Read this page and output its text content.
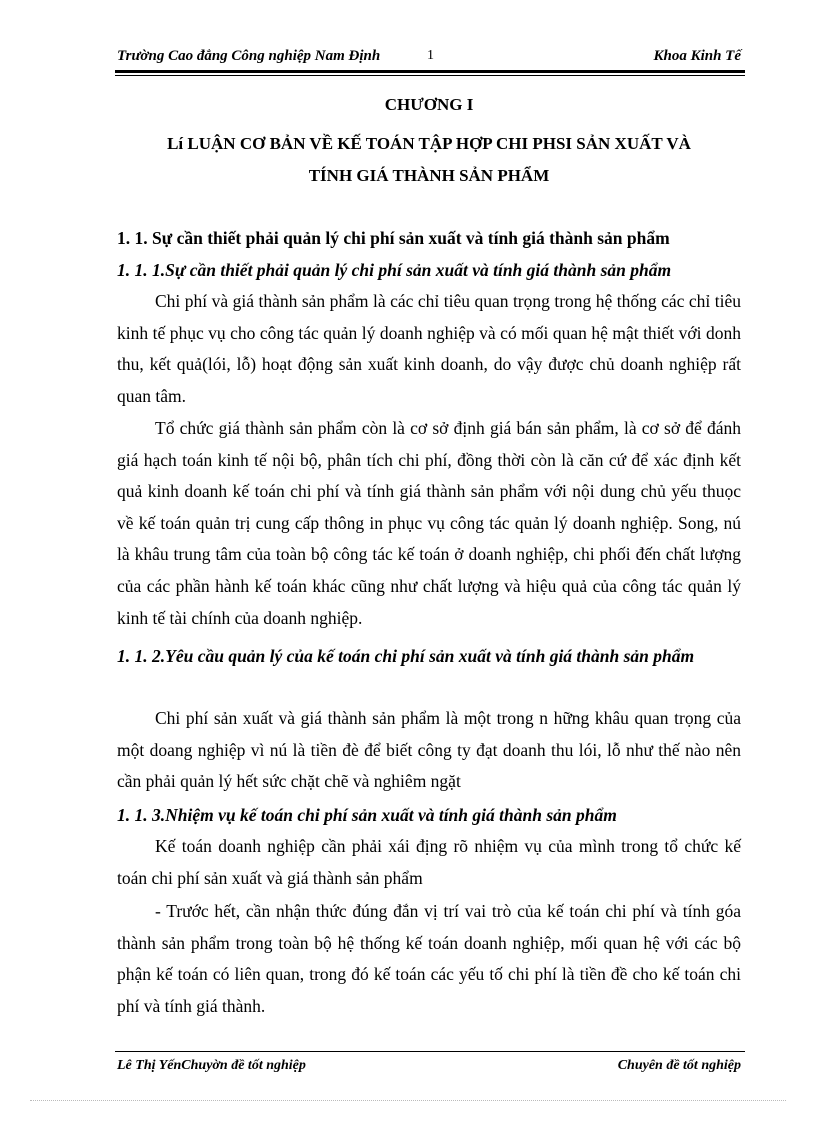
Trường Cao đẳng Công nghiệp Nam Định	1	Khoa Kinh Tế
CHƯƠNG I
Lí LUẬN CƠ BẢN VỀ KẾ TOÁN TẬP HỢP CHI PHSI SẢN XUẤT VÀ
TÍNH GIÁ THÀNH SẢN PHẨM
1. 1. Sự cần thiết phải quản lý chi phí sản xuất và tính giá thành sản phẩm
1. 1. 1.Sự cần thiết phải quản lý chi phí sản xuất và tính giá thành sản phẩm
Chi phí và giá thành sản phẩm là các chỉ tiêu quan trọng trong hệ thống các chỉ tiêu kinh tế phục vụ cho công tác quản lý doanh nghiệp và có mối quan hệ mật thiết với donh thu, kết quả(lói, lỗ) hoạt động sản xuất kinh doanh, do vậy được chủ doanh nghiệp rất quan tâm.
Tổ chức giá thành sản phẩm còn là cơ sở định giá bán sản phẩm, là cơ sở để đánh giá hạch toán kinh tế nội bộ, phân tích chi phí, đồng thời còn là căn cứ để xác định kết quả kinh doanh kế toán chi phí và tính giá thành sản phẩm với nội dung chủ yếu thuọc về kế toán quản trị cung cấp thông in phục vụ công tác quản lý doanh nghiệp. Song, nú là khâu trung tâm của toàn bộ công tác kế toán ở doanh nghiệp, chi phối đến chất lượng của các phần hành kế toán khác cũng như chất lượng và hiệu quả của công tác quản lý kinh tế tài chính của doanh nghiệp.
1. 1. 2.Yêu cầu quản lý của kế toán chi phí sản xuất và tính giá thành sản phẩm
Chi phí sản xuất và giá thành sản phẩm là một trong n hững khâu quan trọng của một doang nghiệp vì nú là tiền đè để biết công ty đạt doanh thu lói, lỗ như thế nào nên cần phải quản lý hết sức chặt chẽ và nghiêm ngặt
1. 1. 3.Nhiệm vụ kế toán chi phí sản xuất và tính giá thành sản phẩm
Kế toán doanh nghiệp cần phải xái địng rõ nhiệm vụ của mình trong tổ chức kế toán chi phí sản xuất và giá thành sản phẩm
- Trước hết, cần nhận thức đúng đắn vị trí vai trò của kế toán chi phí và tính góa thành sản phẩm trong toàn bộ hệ thống kế toán doanh nghiệp, mối quan hệ với các bộ phận kế toán có liên quan, trong đó kế toán các yếu tố chi phí là tiền đề cho kế toán chi phí và tính giá thành.
Lê Thị YếnChuyờn đề tốt nghiệp	Chuyên đề tốt nghiệp
